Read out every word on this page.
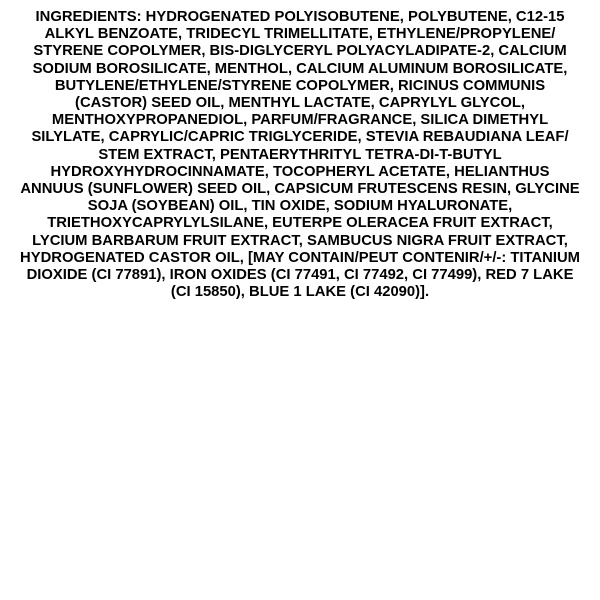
INGREDIENTS: HYDROGENATED POLYISOBUTENE, POLYBUTENE, C12-15
ALKYL BENZOATE, TRIDECYL TRIMELLITATE, ETHYLENE/PROPYLENE/
STYRENE COPOLYMER, BIS-DIGLYCERYL POLYACYLADIPATE-2, CALCIUM
SODIUM BOROSILICATE, MENTHOL, CALCIUM ALUMINUM BOROSILICATE,
BUTYLENE/ETHYLENE/STYRENE COPOLYMER, RICINUS COMMUNIS
(CASTOR) SEED OIL, MENTHYL LACTATE, CAPRYLYL GLYCOL,
MENTHOXYPROPANEDIOL, PARFUM/FRAGRANCE, SILICA DIMETHYL
SILYLATE, CAPRYLIC/CAPRIC TRIGLYCERIDE, STEVIA REBAUDIANA LEAF/
STEM EXTRACT, PENTAERYTHRITYL TETRA-DI-T-BUTYL
HYDROXYHYDROCINNAMATE, TOCOPHERYL ACETATE, HELIANTHUS
ANNUUS (SUNFLOWER) SEED OIL, CAPSICUM FRUTESCENS RESIN, GLYCINE
SOJA (SOYBEAN) OIL, TIN OXIDE, SODIUM HYALURONATE,
TRIETHOXYCAPRYLYLSILANE, EUTERPE OLERACEA FRUIT EXTRACT,
LYCIUM BARBARUM FRUIT EXTRACT, SAMBUCUS NIGRA FRUIT EXTRACT,
HYDROGENATED CASTOR OIL, [MAY CONTAIN/PEUT CONTENIR/+/-: TITANIUM
DIOXIDE (CI 77891), IRON OXIDES (CI 77491, CI 77492, CI 77499), RED 7 LAKE
(CI 15850), BLUE 1 LAKE (CI 42090)].
